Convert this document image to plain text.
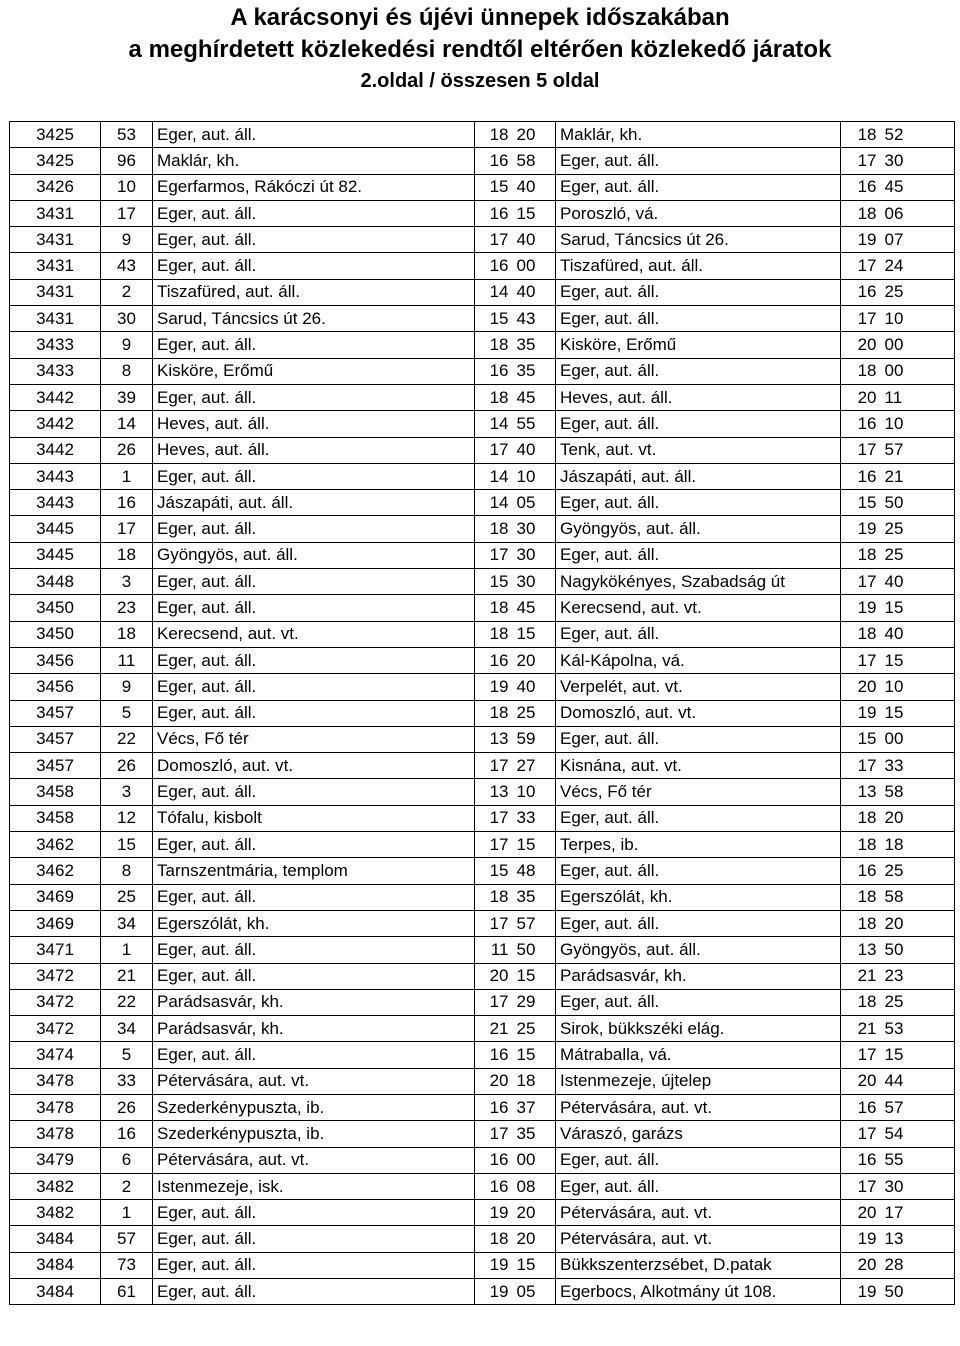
A karácsonyi és újévi ünnepek időszakában
a meghírdetett közlekedési rendtől eltérően közlekedő járatok
2.oldal / összesen 5 oldal
3425	53	Eger, aut. áll.	18	20	Maklár, kh.	18	52
3425	96	Maklár, kh.	16	58	Eger, aut. áll.	17	30
3426	10	Egerfarmos, Rákóczi út 82.	15	40	Eger, aut. áll.	16	45
3431	17	Eger, aut. áll.	16	15	Poroszló, vá.	18	06
3431	9	Eger, aut. áll.	17	40	Sarud, Táncsics út 26.	19	07
3431	43	Eger, aut. áll.	16	00	Tiszafüred, aut. áll.	17	24
3431	2	Tiszafüred, aut. áll.	14	40	Eger, aut. áll.	16	25
3431	30	Sarud, Táncsics út 26.	15	43	Eger, aut. áll.	17	10
3433	9	Eger, aut. áll.	18	35	Kisköre, Erőmű	20	00
3433	8	Kisköre, Erőmű	16	35	Eger, aut. áll.	18	00
3442	39	Eger, aut. áll.	18	45	Heves, aut. áll.	20	11
3442	14	Heves, aut. áll.	14	55	Eger, aut. áll.	16	10
3442	26	Heves, aut. áll.	17	40	Tenk, aut. vt.	17	57
3443	1	Eger, aut. áll.	14	10	Jászapáti, aut. áll.	16	21
3443	16	Jászapáti, aut. áll.	14	05	Eger, aut. áll.	15	50
3445	17	Eger, aut. áll.	18	30	Gyöngyös, aut. áll.	19	25
3445	18	Gyöngyös, aut. áll.	17	30	Eger, aut. áll.	18	25
3448	3	Eger, aut. áll.	15	30	Nagykökényes, Szabadság út	17	40
3450	23	Eger, aut. áll.	18	45	Kerecsend, aut. vt.	19	15
3450	18	Kerecsend, aut. vt.	18	15	Eger, aut. áll.	18	40
3456	11	Eger, aut. áll.	16	20	Kál-Kápolna, vá.	17	15
3456	9	Eger, aut. áll.	19	40	Verpelét, aut. vt.	20	10
3457	5	Eger, aut. áll.	18	25	Domoszló, aut. vt.	19	15
3457	22	Vécs, Fő tér	13	59	Eger, aut. áll.	15	00
3457	26	Domoszló, aut. vt.	17	27	Kisnána, aut. vt.	17	33
3458	3	Eger, aut. áll.	13	10	Vécs, Fő tér	13	58
3458	12	Tófalu, kisbolt	17	33	Eger, aut. áll.	18	20
3462	15	Eger, aut. áll.	17	15	Terpes, ib.	18	18
3462	8	Tarnszentmária, templom	15	48	Eger, aut. áll.	16	25
3469	25	Eger, aut. áll.	18	35	Egerszólát, kh.	18	58
3469	34	Egerszólát, kh.	17	57	Eger, aut. áll.	18	20
3471	1	Eger, aut. áll.	11	50	Gyöngyös, aut. áll.	13	50
3472	21	Eger, aut. áll.	20	15	Parádsasvár, kh.	21	23
3472	22	Parádsasvár, kh.	17	29	Eger, aut. áll.	18	25
3472	34	Parádsasvár, kh.	21	25	Sirok, bükkszéki elág.	21	53
3474	5	Eger, aut. áll.	16	15	Mátraballa, vá.	17	15
3478	33	Pétervására, aut. vt.	20	18	Istenmezeje, újtelep	20	44
3478	26	Szederkénypuszta, ib.	16	37	Pétervására, aut. vt.	16	57
3478	16	Szederkénypuszta, ib.	17	35	Váraszó, garázs	17	54
3479	6	Pétervására, aut. vt.	16	00	Eger, aut. áll.	16	55
3482	2	Istenmezeje, isk.	16	08	Eger, aut. áll.	17	30
3482	1	Eger, aut. áll.	19	20	Pétervására, aut. vt.	20	17
3484	57	Eger, aut. áll.	18	20	Pétervására, aut. vt.	19	13
3484	73	Eger, aut. áll.	19	15	Bükkszenterzsébet, D.patak	20	28
3484	61	Eger, aut. áll.	19	05	Egerbocs, Alkotmány út 108.	19	50
